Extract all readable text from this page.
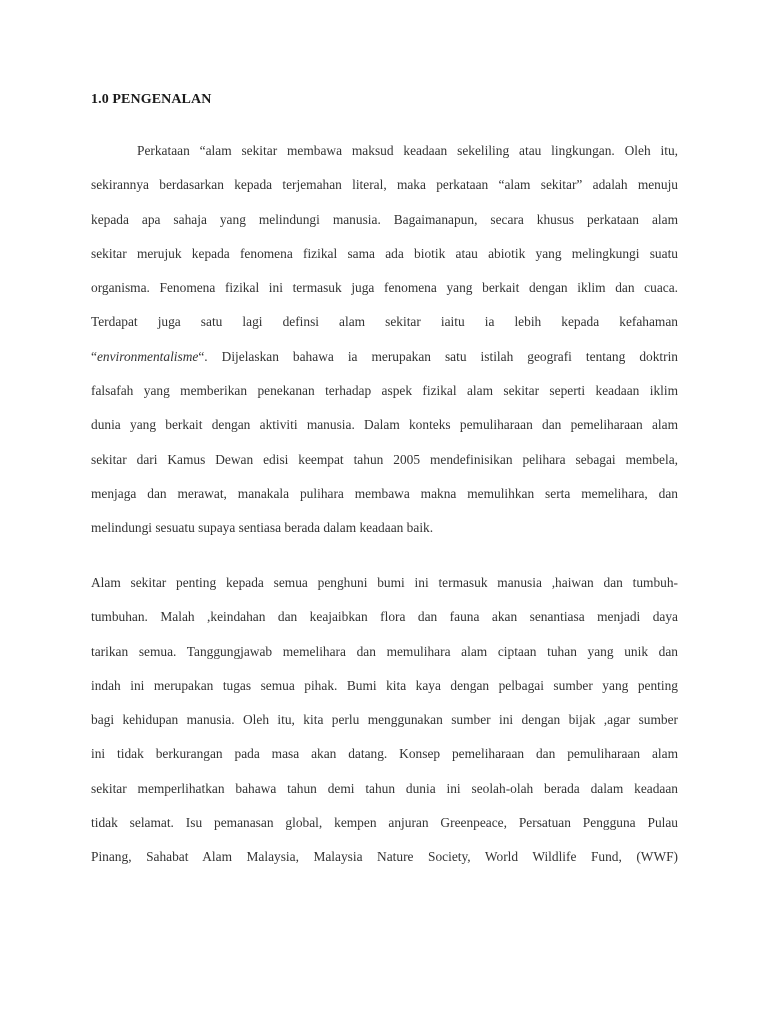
1.0 PENGENALAN
Perkataan “alam sekitar membawa maksud keadaan sekeliling atau lingkungan. Oleh itu,
sekirannya berdasarkan kepada terjemahan literal, maka perkataan “alam sekitar” adalah menuju
kepada apa sahaja yang melindungi manusia. Bagaimanapun, secara khusus perkataan alam
sekitar merujuk kepada fenomena fizikal sama ada biotik atau abiotik yang melingkungi suatu
organisma. Fenomena fizikal ini termasuk juga fenomena yang berkait dengan iklim dan cuaca.
Terdapat juga satu lagi definsi alam sekitar iaitu ia lebih kepada kefahaman
“environmentalisme“. Dijelaskan bahawa ia merupakan satu istilah geografi tentang doktrin
falsafah yang memberikan penekanan terhadap aspek fizikal alam sekitar seperti keadaan iklim
dunia yang berkait dengan aktiviti manusia. Dalam konteks pemuliharaan dan pemeliharaan alam
sekitar dari Kamus Dewan edisi keempat tahun 2005 mendefinisikan pelihara sebagai membela,
menjaga dan merawat, manakala pulihara membawa makna memulihkan serta memelihara, dan
melindungi sesuatu supaya sentiasa berada dalam keadaan baik.
Alam sekitar penting kepada semua penghuni bumi ini termasuk manusia ,haiwan dan tumbuh-
tumbuhan. Malah ,keindahan dan keajaibkan flora dan fauna akan senantiasa menjadi daya
tarikan semua. Tanggungjawab memelihara dan memulihara alam ciptaan tuhan yang unik dan
indah ini merupakan tugas semua pihak. Bumi kita kaya dengan pelbagai sumber yang penting
bagi kehidupan manusia. Oleh itu, kita perlu menggunakan sumber ini dengan bijak ,agar sumber
ini tidak berkurangan pada masa akan datang. Konsep pemeliharaan dan pemuliharaan alam
sekitar memperlihatkan bahawa tahun demi tahun dunia ini seolah-olah berada dalam keadaan
tidak selamat. Isu pemanasan global, kempen anjuran Greenpeace, Persatuan Pengguna Pulau
Pinang, Sahabat Alam Malaysia, Malaysia Nature Society, World Wildlife Fund, (WWF)
